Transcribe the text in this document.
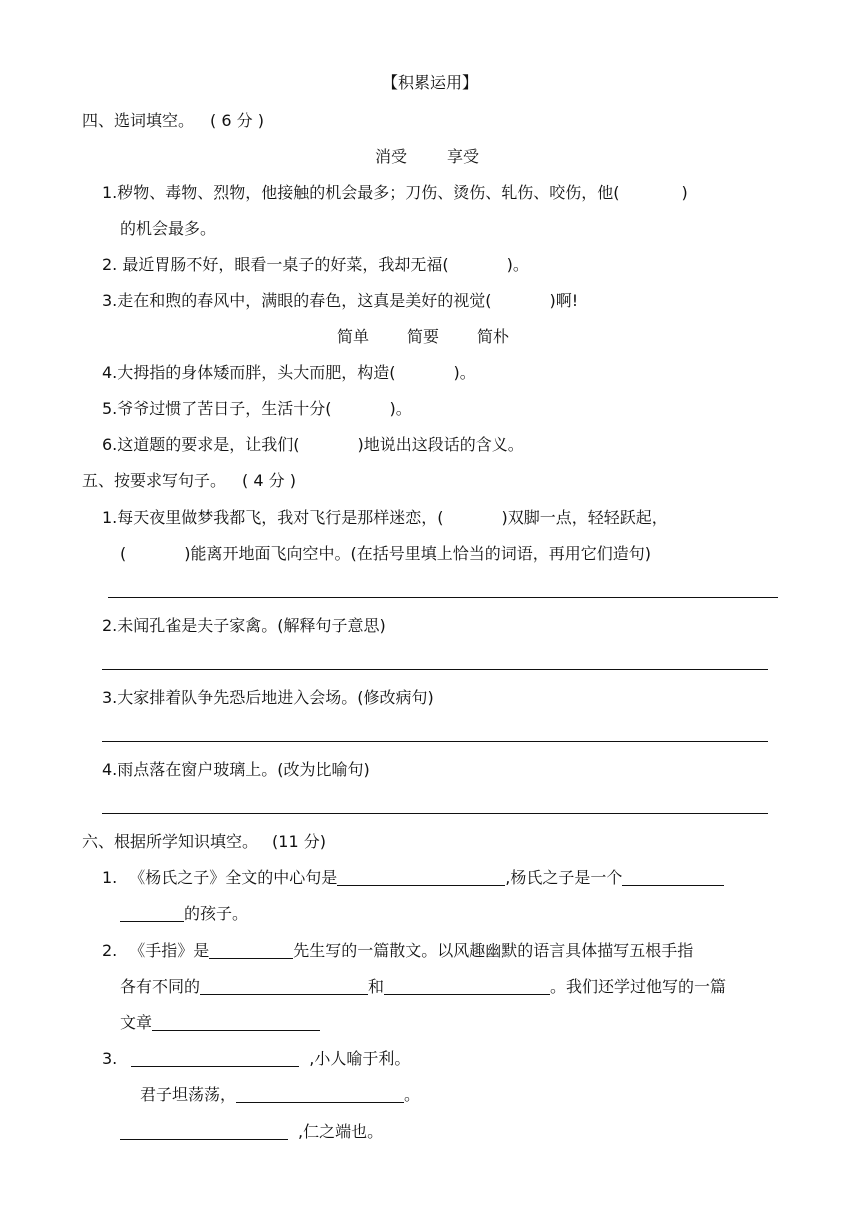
【积累运用】
四、选词填空。 ( 6 分 )
消受	享受
1.秽物、毒物、烈物，他接触的机会最多；刀伤、烫伤、轧伤、咬伤，他(	)
的机会最多。
2. 最近胃肠不好，眼看一桌子的好菜，我却无福(	)。
3.走在和煦的春风中，满眼的春色，这真是美好的视觉(	)啊!
简单 简要 简朴
4.大拇指的身体矮而胖，头大而肥，构造(	)。
5.爷爷过惯了苦日子，生活十分(	)。
6.这道题的要求是，让我们(	)地说出这段话的含义。
五、按要求写句子。 ( 4 分 )
1.每天夜里做梦我都飞，我对飞行是那样迷恋，(	)双脚一点，轻轻跃起，
(	)能离开地面飞向空中。(在括号里填上恰当的词语，再用它们造句)
2.未闻孔雀是夫子家禽。(解释句子意思)
3.大家排着队争先恐后地进入会场。(修改病句)
4.雨点落在窗户玻璃上。(改为比喻句)
六、根据所学知识填空。 (11 分)
1. 《杨氏之子》全文的中心句是	,杨氏之子是一个
的孩子。
2. 《手指》是	先生写的一篇散文。以风趣幽默的语言具体描写五根手指
各有不同的	和	。我们还学过他写的一篇
文章
3.	,小人喻于利。
君子坦荡荡，	。
,仁之端也。
